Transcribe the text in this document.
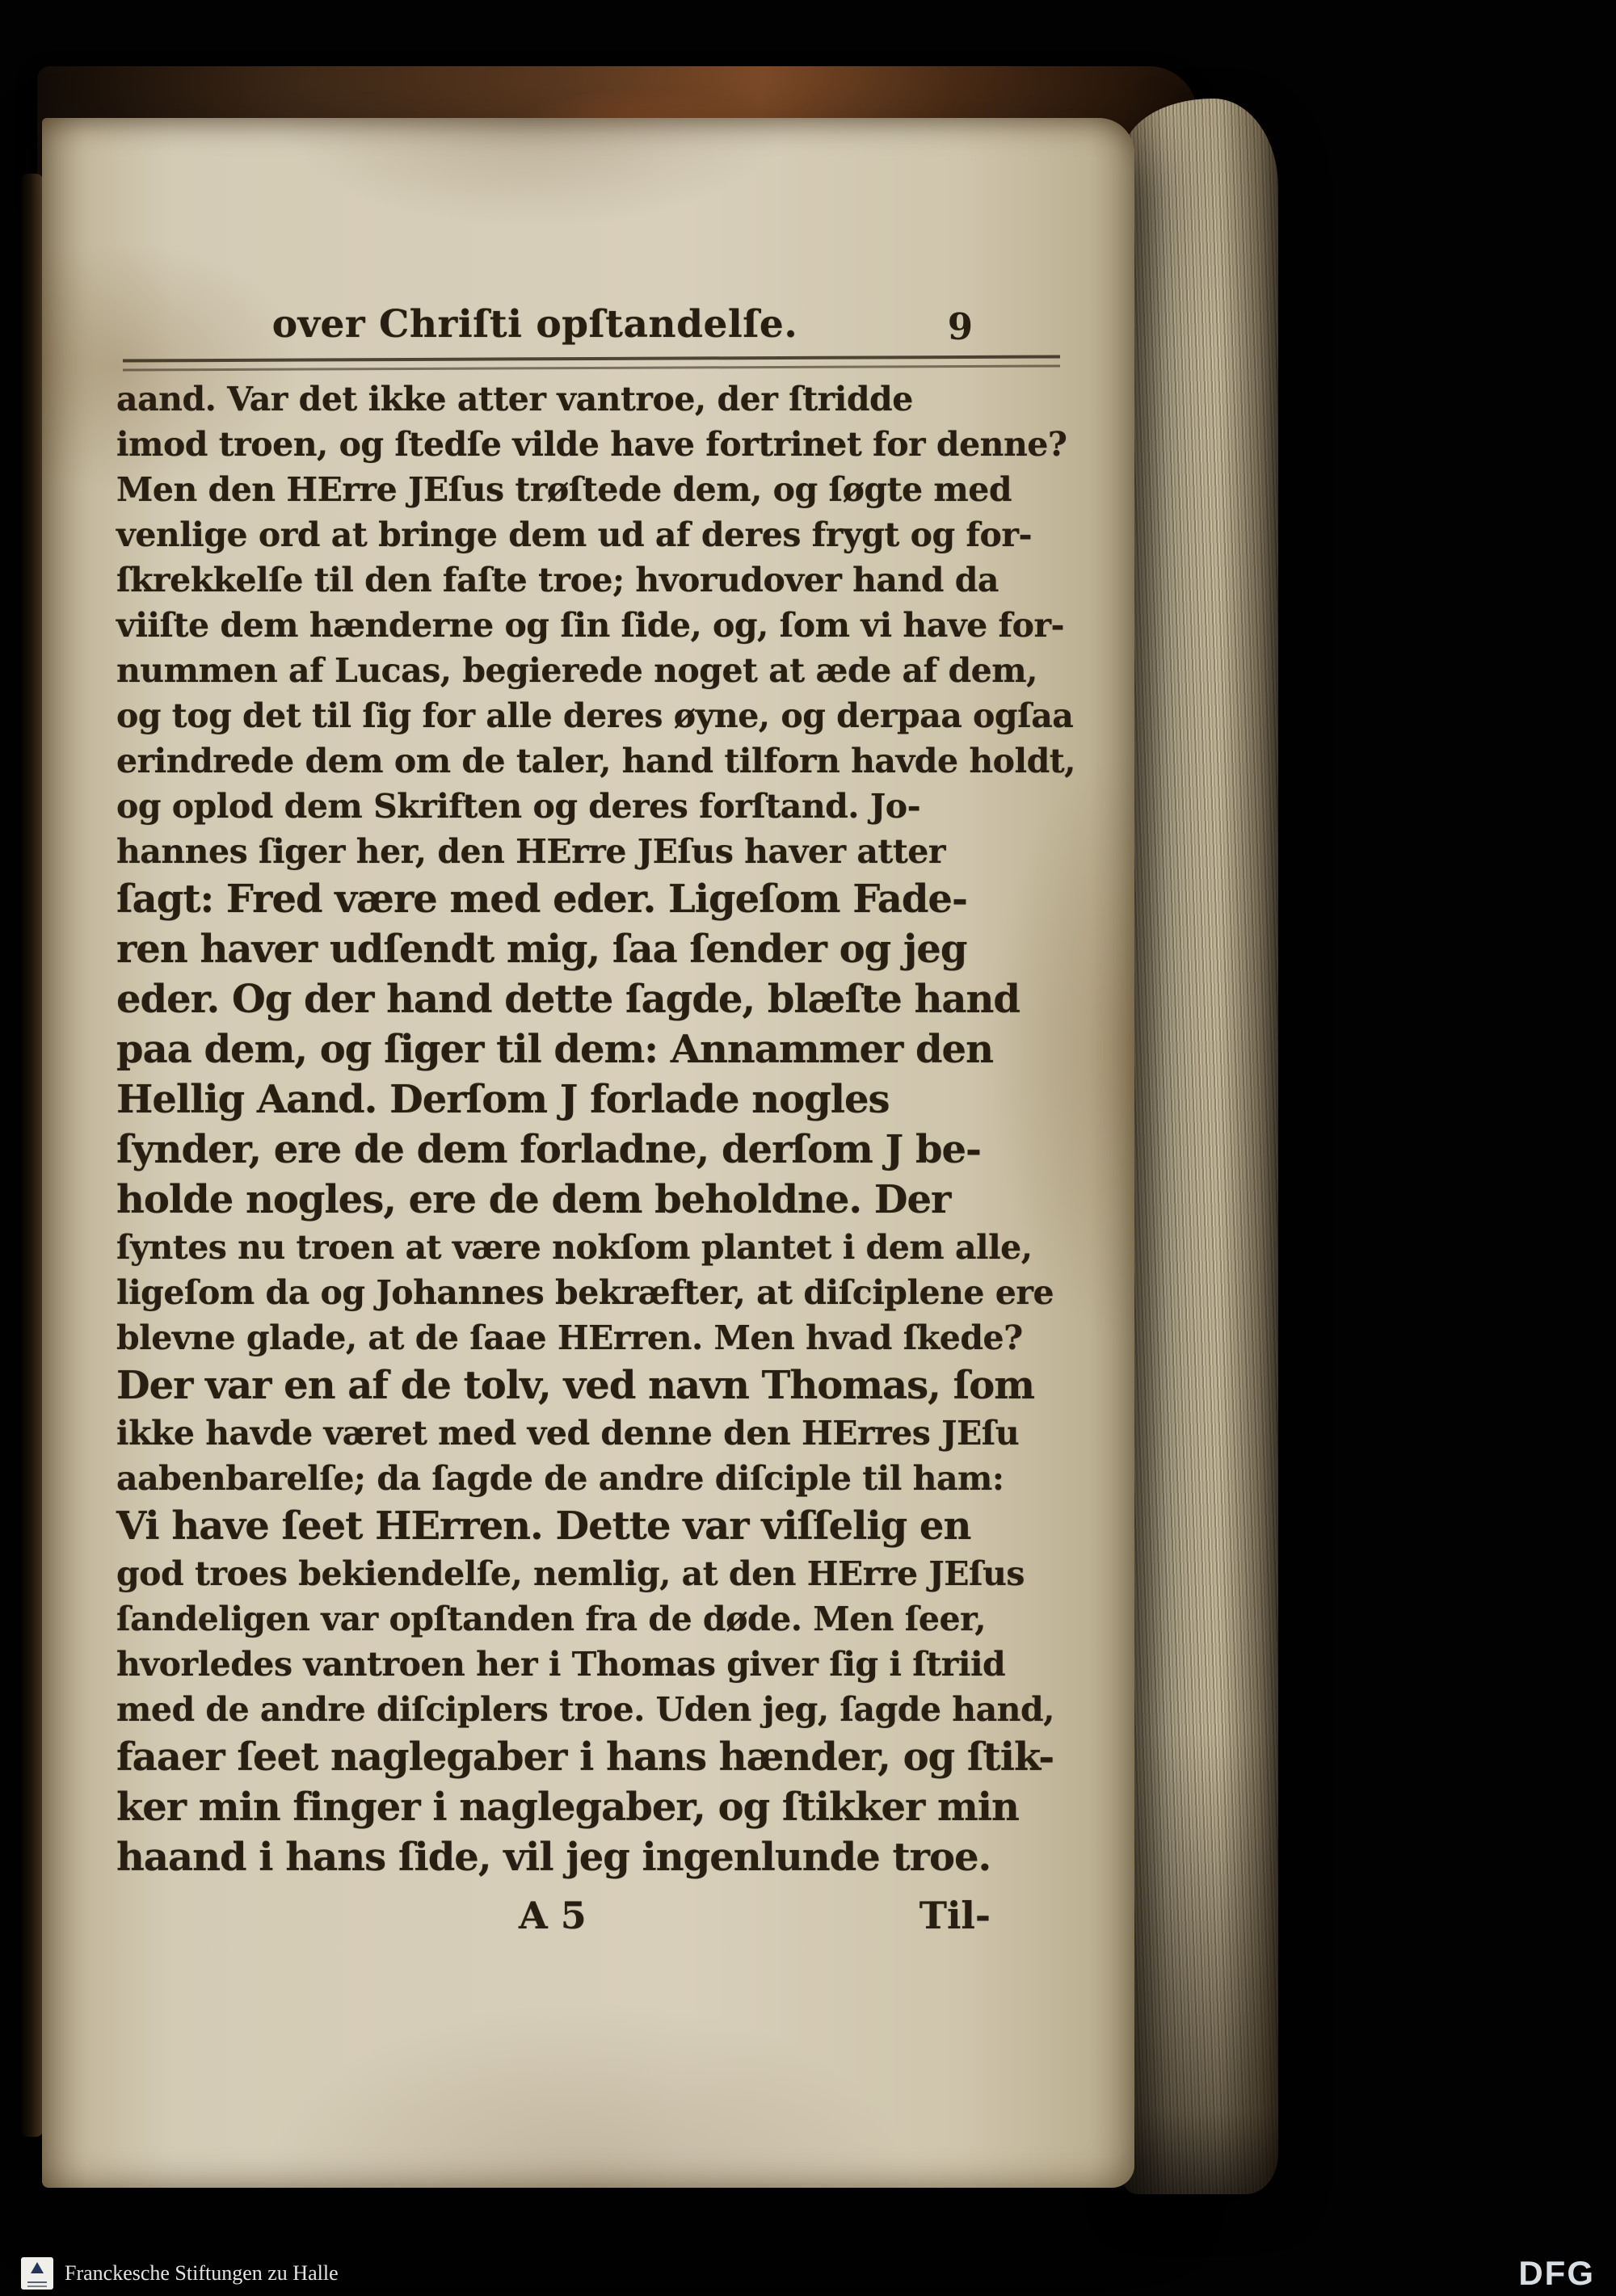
over Chriſti opſtandelſe.	9
aand. Var det ikke atter vantroe, der ſtridde
imod troen, og ſtedſe vilde have fortrinet for denne?
Men den HErre JEſus trøſtede dem, og ſøgte med
venlige ord at bringe dem ud af deres frygt og for-
ſkrekkelſe til den faſte troe; hvorudover hand da
viiſte dem hænderne og ſin ſide, og, ſom vi have for-
nummen af Lucas, begierede noget at æde af dem,
og tog det til ſig for alle deres øyne, og derpaa ogſaa
erindrede dem om de taler, hand tilforn havde holdt,
og oplod dem Skriften og deres forſtand. Jo-
hannes ſiger her, den HErre JEſus haver atter
ſagt: Fred være med eder. Ligeſom Fade-
ren haver udſendt mig, ſaa ſender og jeg
eder. Og der hand dette ſagde, blæſte hand
paa dem, og ſiger til dem: Annammer den
Hellig Aand. Derſom J forlade nogles
ſynder, ere de dem forladne, derſom J be-
holde nogles, ere de dem beholdne. Der
ſyntes nu troen at være nokſom plantet i dem alle,
ligeſom da og Johannes bekræfter, at diſciplene ere
blevne glade, at de ſaae HErren. Men hvad ſkede?
Der var en af de tolv, ved navn Thomas, ſom
ikke havde været med ved denne den HErres JEſu
aabenbarelſe; da ſagde de andre diſciple til ham:
Vi have ſeet HErren. Dette var viſſelig en
god troes bekiendelſe, nemlig, at den HErre JEſus
ſandeligen var opſtanden fra de døde. Men ſeer,
hvorledes vantroen her i Thomas giver ſig i ſtriid
med de andre diſciplers troe. Uden jeg, ſagde hand,
faaer ſeet naglegaber i hans hænder, og ſtik-
ker min finger i naglegaber, og ſtikker min
haand i hans ſide, vil jeg ingenlunde troe.
A 5	Til-
Franckesche Stiftungen zu Halle	DFG
